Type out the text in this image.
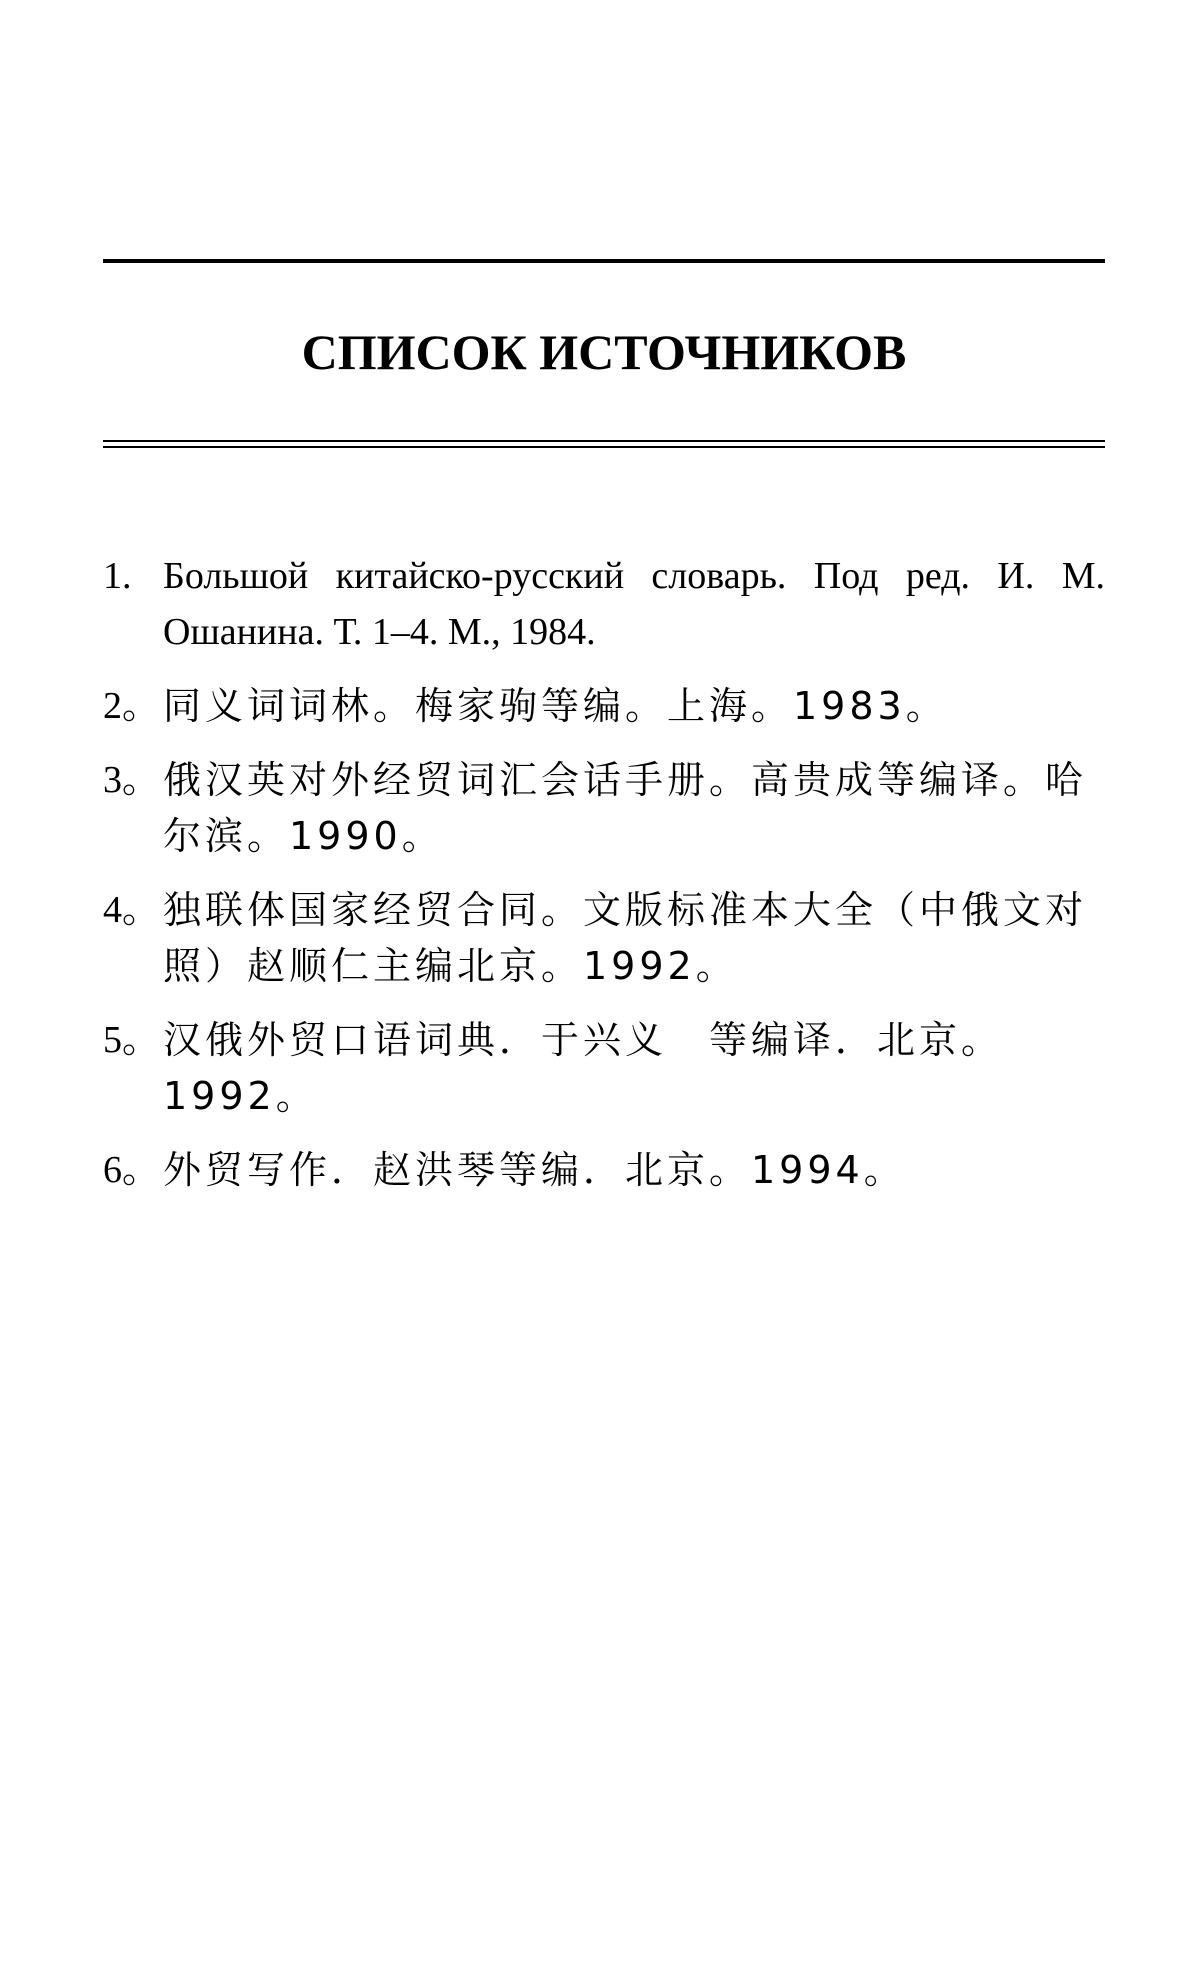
СПИСОК ИСТОЧНИКОВ
1. Большой китайско-русский словарь. Под ред. И. М. Ошанина. Т. 1–4. М., 1984.
2。 同义词词林。梅家驹等编。上海。1983。
3。 俄汉英对外经贸词汇会话手册。高贵成等编译。哈尔滨。1990。
4。 独联体国家经贸合同。文版标准本大全（中俄文对照）赵顺仁主编北京。1992。
5。 汉俄外贸口语词典．于兴义　等编译．北京。1992。
6。 外贸写作．赵洪琴等编．北京。1994。
